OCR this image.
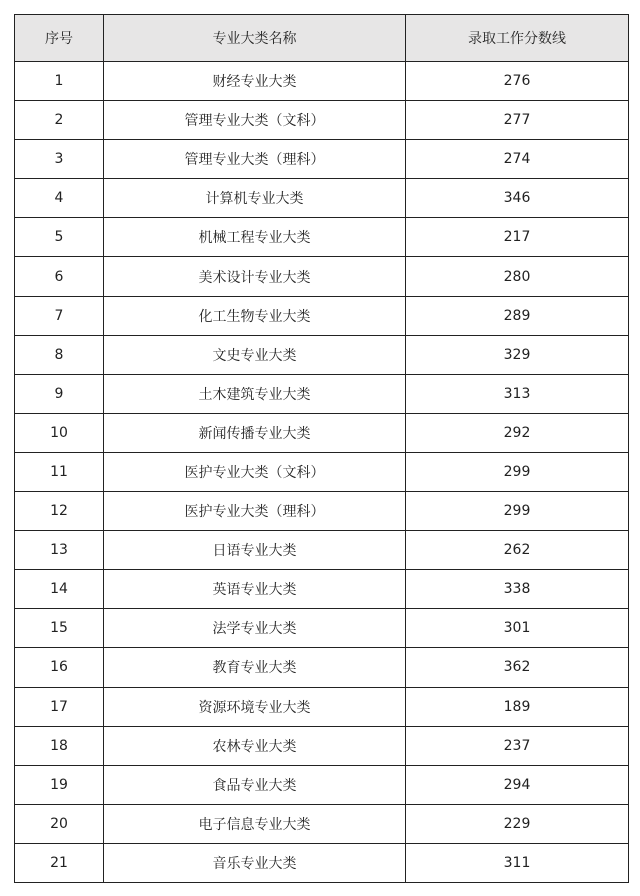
序号	专业大类名称	录取工作分数线
1	财经专业大类	276
2	管理专业大类（文科）	277
3	管理专业大类（理科）	274
4	计算机专业大类	346
5	机械工程专业大类	217
6	美术设计专业大类	280
7	化工生物专业大类	289
8	文史专业大类	329
9	土木建筑专业大类	313
10	新闻传播专业大类	292
11	医护专业大类（文科）	299
12	医护专业大类（理科）	299
13	日语专业大类	262
14	英语专业大类	338
15	法学专业大类	301
16	教育专业大类	362
17	资源环境专业大类	189
18	农林专业大类	237
19	食品专业大类	294
20	电子信息专业大类	229
21	音乐专业大类	311
